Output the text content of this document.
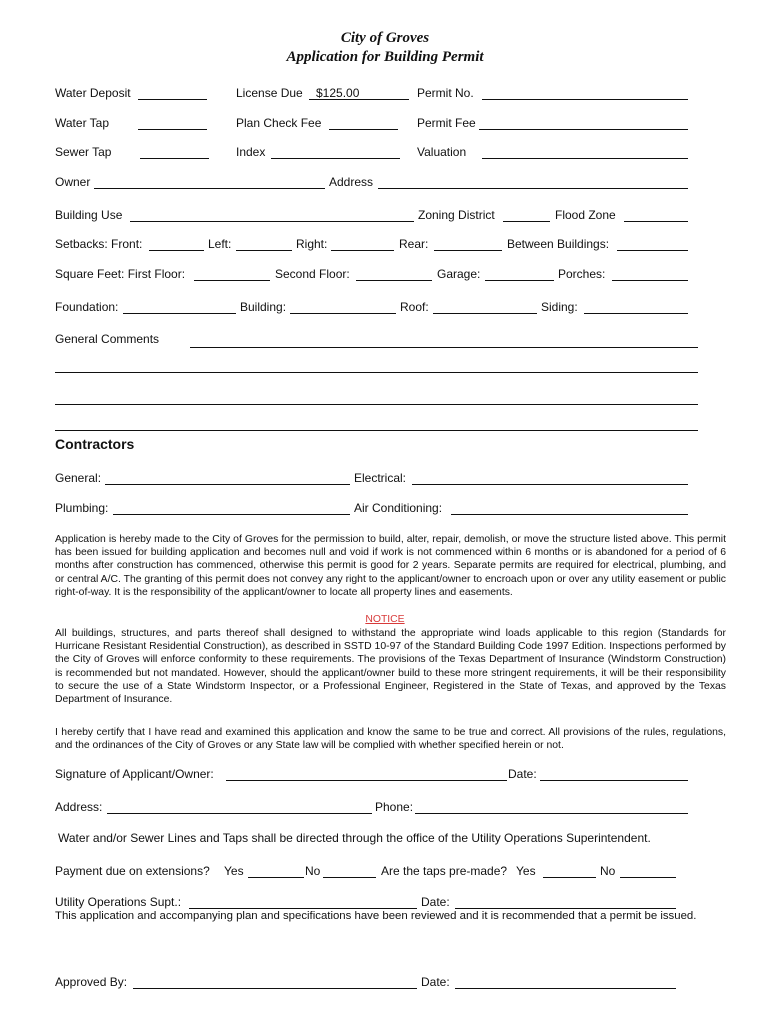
City of Groves
Application for Building Permit
Water Deposit	License Due $125.00	Permit No.
Water Tap	Plan Check Fee	Permit Fee
Sewer Tap	Index	Valuation
Owner	Address
Building Use	Zoning District	Flood Zone
Setbacks: Front:	Left:	Right:	Rear:	Between Buildings:
Square Feet: First Floor:	Second Floor:	Garage:	Porches:
Foundation:	Building:	Roof:	Siding:
General Comments
Contractors
General:	Electrical:
Plumbing:	Air Conditioning:

Application is hereby made to the City of Groves for the permission to build, alter, repair, demolish, or move the structure listed above. This permit has been issued for building application and becomes null and void if work is not commenced within 6 months or is abandoned for a period of 6 months after construction has commenced, otherwise this permit is good for 2 years. Separate permits are required for electrical, plumbing, and or central A/C. The granting of this permit does not convey any right to the applicant/owner to encroach upon or over any utility easement or public right-of-way. It is the responsibility of the applicant/owner to locate all property lines and easements.

NOTICE

All buildings, structures, and parts thereof shall designed to withstand the appropriate wind loads applicable to this region (Standards for Hurricane Resistant Residential Construction), as described in SSTD 10-97 of the Standard Building Code 1997 Edition. Inspections performed by the City of Groves will enforce conformity to these requirements. The provisions of the Texas Department of Insurance (Windstorm Construction) is recommended but not mandated. However, should the applicant/owner build to these more stringent requirements, it will be their responsibility to secure the use of a State Windstorm Inspector, or a Professional Engineer, Registered in the State of Texas, and approved by the Texas Department of Insurance.

I hereby certify that I have read and examined this application and know the same to be true and correct. All provisions of the rules, regulations, and the ordinances of the City of Groves or any State law will be complied with whether specified herein or not.

Signature of Applicant/Owner:	Date:
Address:	Phone:
Water and/or Sewer Lines and Taps shall be directed through the office of the Utility Operations Superintendent.
Payment due on extensions? Yes	No	Are the taps pre-made? Yes	No
Utility Operations Supt.:	Date:

This application and accompanying plan and specifications have been reviewed and it is recommended that a permit be issued.

Approved By:	Date:
